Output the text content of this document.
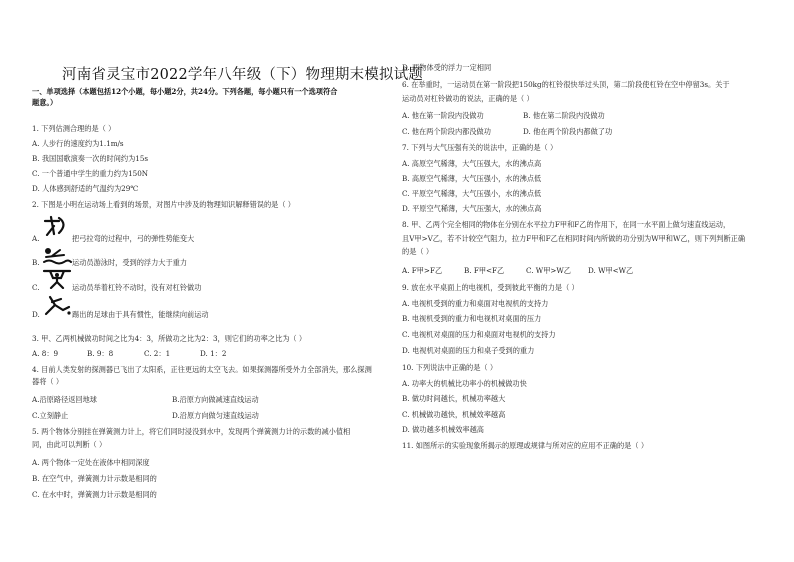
河南省灵宝市2022学年八年级（下）物理期末模拟试题
一、单项选择（本题包括12个小题，每小题2分，共24分。下列各题，每小题只有一个选项符合
题意。）
1. 下列估测合理的是（ ）
A. 人步行的速度约为1.1m/s
B. 我国国歌演奏一次的时间约为15s
C. 一个普通中学生的重力约为150N
D. 人体感到舒适的气温约为29℃
2. 下图是小明在运动场上看到的场景，对图片中涉及的物理知识解释错误的是（ ）
A.	把弓拉弯的过程中，弓的弹性势能变大
B.	运动员游泳时，受到的浮力大于重力
C.	运动员举着杠铃不动时，没有对杠铃做功
D.	踢出的足球由于具有惯性，能继续向前运动
3. 甲、乙两机械做功时间之比为4：3，所做功之比为2：3，则它们的功率之比为（ ）
A. 8：9	B. 9：8	C. 2：1	D. 1：2
4. 目前人类发射的探测器已飞出了太阳系，正往更远的太空飞去。如果探测器所受外力全部消失，那么探测
器将（ ）
A.沿原路径返回地球	B.沿原方向做减速直线运动
C.立刻静止	D.沿原方向做匀速直线运动
5. 两个物体分别挂在弹簧测力计上，将它们同时浸没到水中，发现两个弹簧测力计的示数的减小值相
同，由此可以判断（ ）
A. 两个物体一定处在液体中相同深度
B. 在空气中，弹簧测力计示数是相同的
C. 在水中时，弹簧测力计示数是相同的
D. 两物体受的浮力一定相同
6. 在举重时，一运动员在第一阶段把150kg的杠铃很快举过头顶，第二阶段使杠铃在空中停留3s。关于
运动员对杠铃做功的说法，正确的是（ ）
A. 他在第一阶段内没做功	B. 他在第二阶段内没做功
C. 他在两个阶段内都没做功	D. 他在两个阶段内都做了功
7. 下列与大气压强有关的说法中，正确的是（ ）
A. 高原空气稀薄，大气压强大，水的沸点高
B. 高原空气稀薄，大气压强小，水的沸点低
C. 平原空气稀薄，大气压强小，水的沸点低
D. 平原空气稀薄，大气压强大，水的沸点高
8. 甲、乙两个完全相同的物体在分别在水平拉力F甲和F乙的作用下，在同一水平面上做匀速直线运动，
且V甲>V乙，若不计较空气阻力，拉力F甲和F乙在相同时间内所做的功分别为W甲和W乙，则下列判断正确
的是（ ）
A. F甲>F乙	B. F甲<F乙	C. W甲>W乙 D. W甲<W乙
9. 放在水平桌面上的电视机，受到彼此平衡的力是（ ）
A. 电视机受到的重力和桌面对电视机的支持力
B. 电视机受到的重力和电视机对桌面的压力
C. 电视机对桌面的压力和桌面对电视机的支持力
D. 电视机对桌面的压力和桌子受到的重力
10. 下列说法中正确的是（ ）
A. 功率大的机械比功率小的机械做功快
B. 做功时间越长，机械功率越大
C. 机械做功越快，机械效率越高
D. 做功越多机械效率越高
11. 如图所示的实验现象所揭示的原理或规律与所对应的应用不正确的是（ ）
